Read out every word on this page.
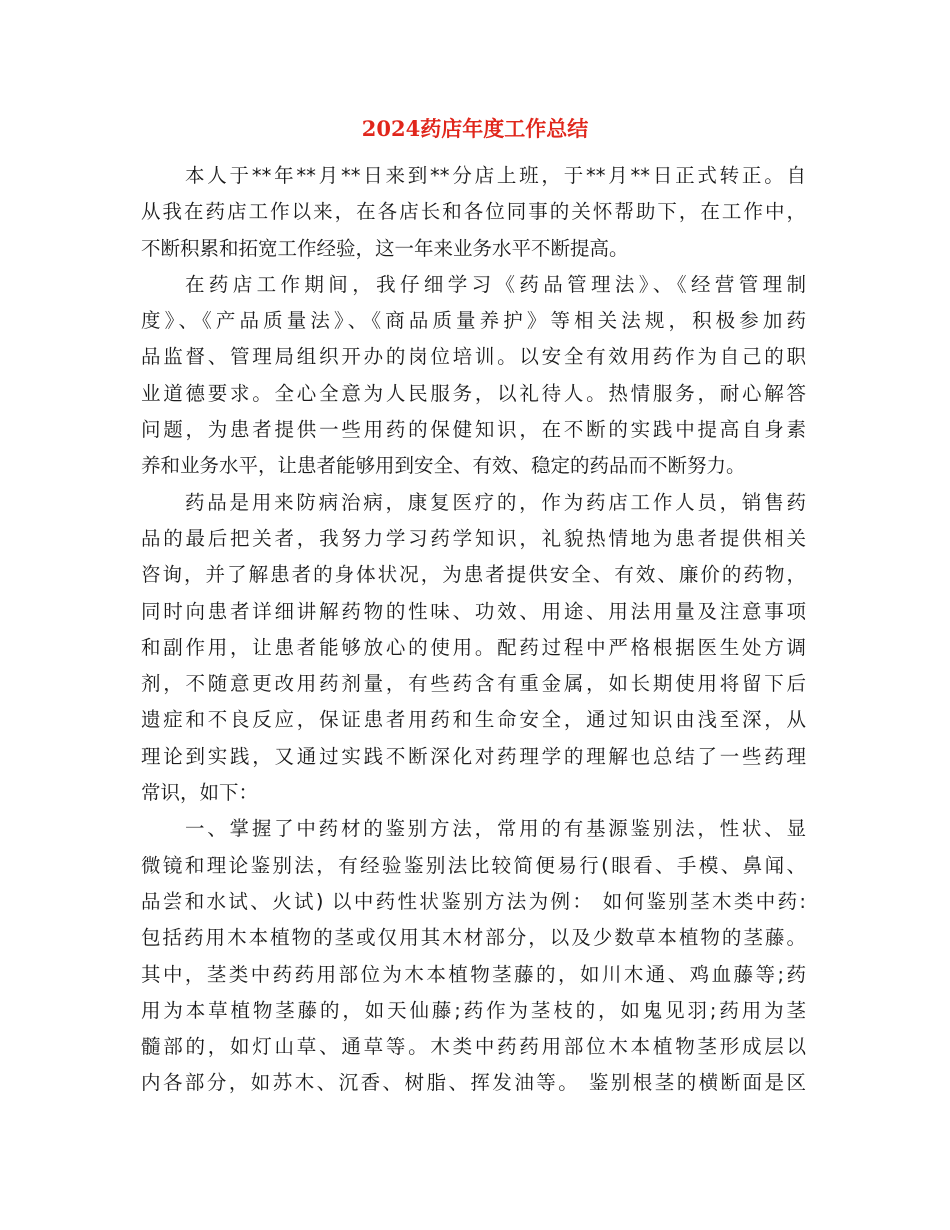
2024药店年度工作总结
本人于**年**月**日来到**分店上班，于**月**日正式转正。自
从我在药店工作以来，在各店长和各位同事的关怀帮助下，在工作中，
不断积累和拓宽工作经验，这一年来业务水平不断提高。
在药店工作期间，我仔细学习《药品管理法》、《经营管理制
度》、《产品质量法》、《商品质量养护》等相关法规，积极参加药
品监督、管理局组织开办的岗位培训。以安全有效用药作为自己的职
业道德要求。全心全意为人民服务，以礼待人。热情服务，耐心解答
问题，为患者提供一些用药的保健知识，在不断的实践中提高自身素
养和业务水平，让患者能够用到安全、有效、稳定的药品而不断努力。
药品是用来防病治病，康复医疗的，作为药店工作人员，销售药
品的最后把关者，我努力学习药学知识，礼貌热情地为患者提供相关
咨询，并了解患者的身体状况，为患者提供安全、有效、廉价的药物，
同时向患者详细讲解药物的性味、功效、用途、用法用量及注意事项
和副作用，让患者能够放心的使用。配药过程中严格根据医生处方调
剂，不随意更改用药剂量，有些药含有重金属，如长期使用将留下后
遗症和不良反应，保证患者用药和生命安全，通过知识由浅至深，从
理论到实践，又通过实践不断深化对药理学的理解也总结了一些药理
常识，如下：
一、掌握了中药材的鉴别方法，常用的有基源鉴别法，性状、显
微镜和理论鉴别法，有经验鉴别法比较简便易行(眼看、手模、鼻闻、
品尝和水试、火试) 以中药性状鉴别方法为例： 如何鉴别茎木类中药:
包括药用木本植物的茎或仅用其木材部分，以及少数草本植物的茎藤。
其中，茎类中药药用部位为木本植物茎藤的，如川木通、鸡血藤等;药
用为本草植物茎藤的，如天仙藤;药作为茎枝的，如鬼见羽;药用为茎
髓部的，如灯山草、通草等。木类中药药用部位木本植物茎形成层以
内各部分，如苏木、沉香、树脂、挥发油等。 鉴别根茎的横断面是区
